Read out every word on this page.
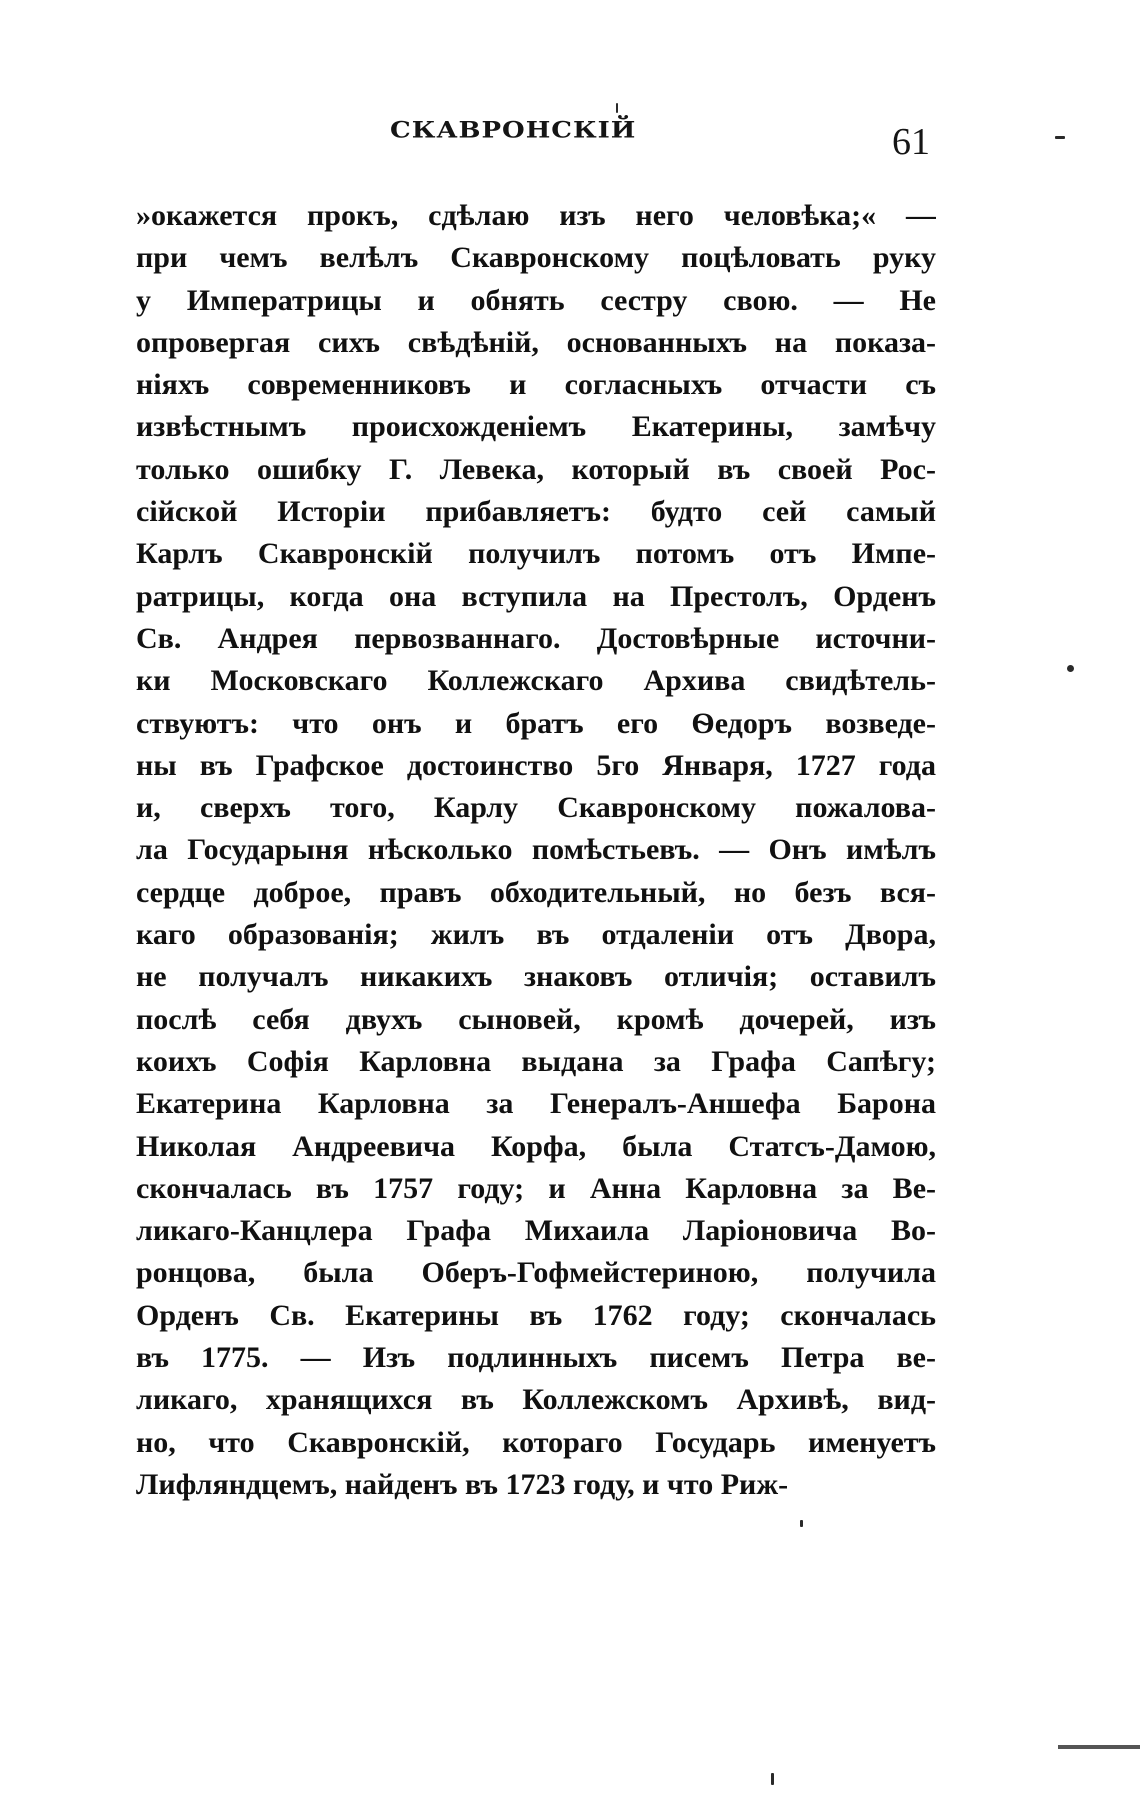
СКАВРОНСКІЙ	61
»окажется прокъ, сдѣлаю изъ него человѣка;« —
при чемъ велѣлъ Скавронскому поцѣловать руку
у Императрицы и обнять сестру свою. — Не
опровергая сихъ свѣдѣній, основанныхъ на показа-
ніяхъ современниковъ и согласныхъ отчасти съ
извѣстнымъ происхожденіемъ Екатерины, замѣчу
только ошибку Г. Левека, который въ своей Рос-
сійской Исторіи прибавляетъ: будто сей самый
Карлъ Скавронскій получилъ потомъ отъ Импе-
ратрицы, когда она вступила на Престолъ, Орденъ
Св. Андрея первозваннаго. Достовѣрные источни-
ки Московскаго Коллежскаго Архива свидѣтель-
ствуютъ: что онъ и братъ его Ѳедоръ возведе-
ны въ Графское достоинство 5го Января, 1727 года
и, сверхъ того, Карлу Скавронскому пожалова-
ла Государыня нѣсколько помѣстьевъ. — Онъ имѣлъ
сердце доброе, правъ обходительный, но безъ вся-
каго образованія; жилъ въ отдаленіи отъ Двора,
не получалъ никакихъ знаковъ отличія; оставилъ
послѣ себя двухъ сыновей, кромѣ дочерей, изъ
коихъ Софія Карловна выдана за Графа Сапѣгу;
Екатерина Карловна за Генералъ-Аншефа Барона
Николая Андреевича Корфа, была Статсъ-Дамою,
скончалась въ 1757 году; и Анна Карловна за Ве-
ликаго-Канцлера Графа Михаила Ларіоновича Во-
ронцова, была Оберъ-Гофмейстериною, получила
Орденъ Св. Екатерины въ 1762 году; скончалась
въ 1775. — Изъ подлинныхъ писемъ Петра ве-
ликаго, хранящихся въ Коллежскомъ Архивѣ, вид-
но, что Скавронскій, котораго Государь именуетъ
Лифляндцемъ, найденъ въ 1723 году, и что Риж-
